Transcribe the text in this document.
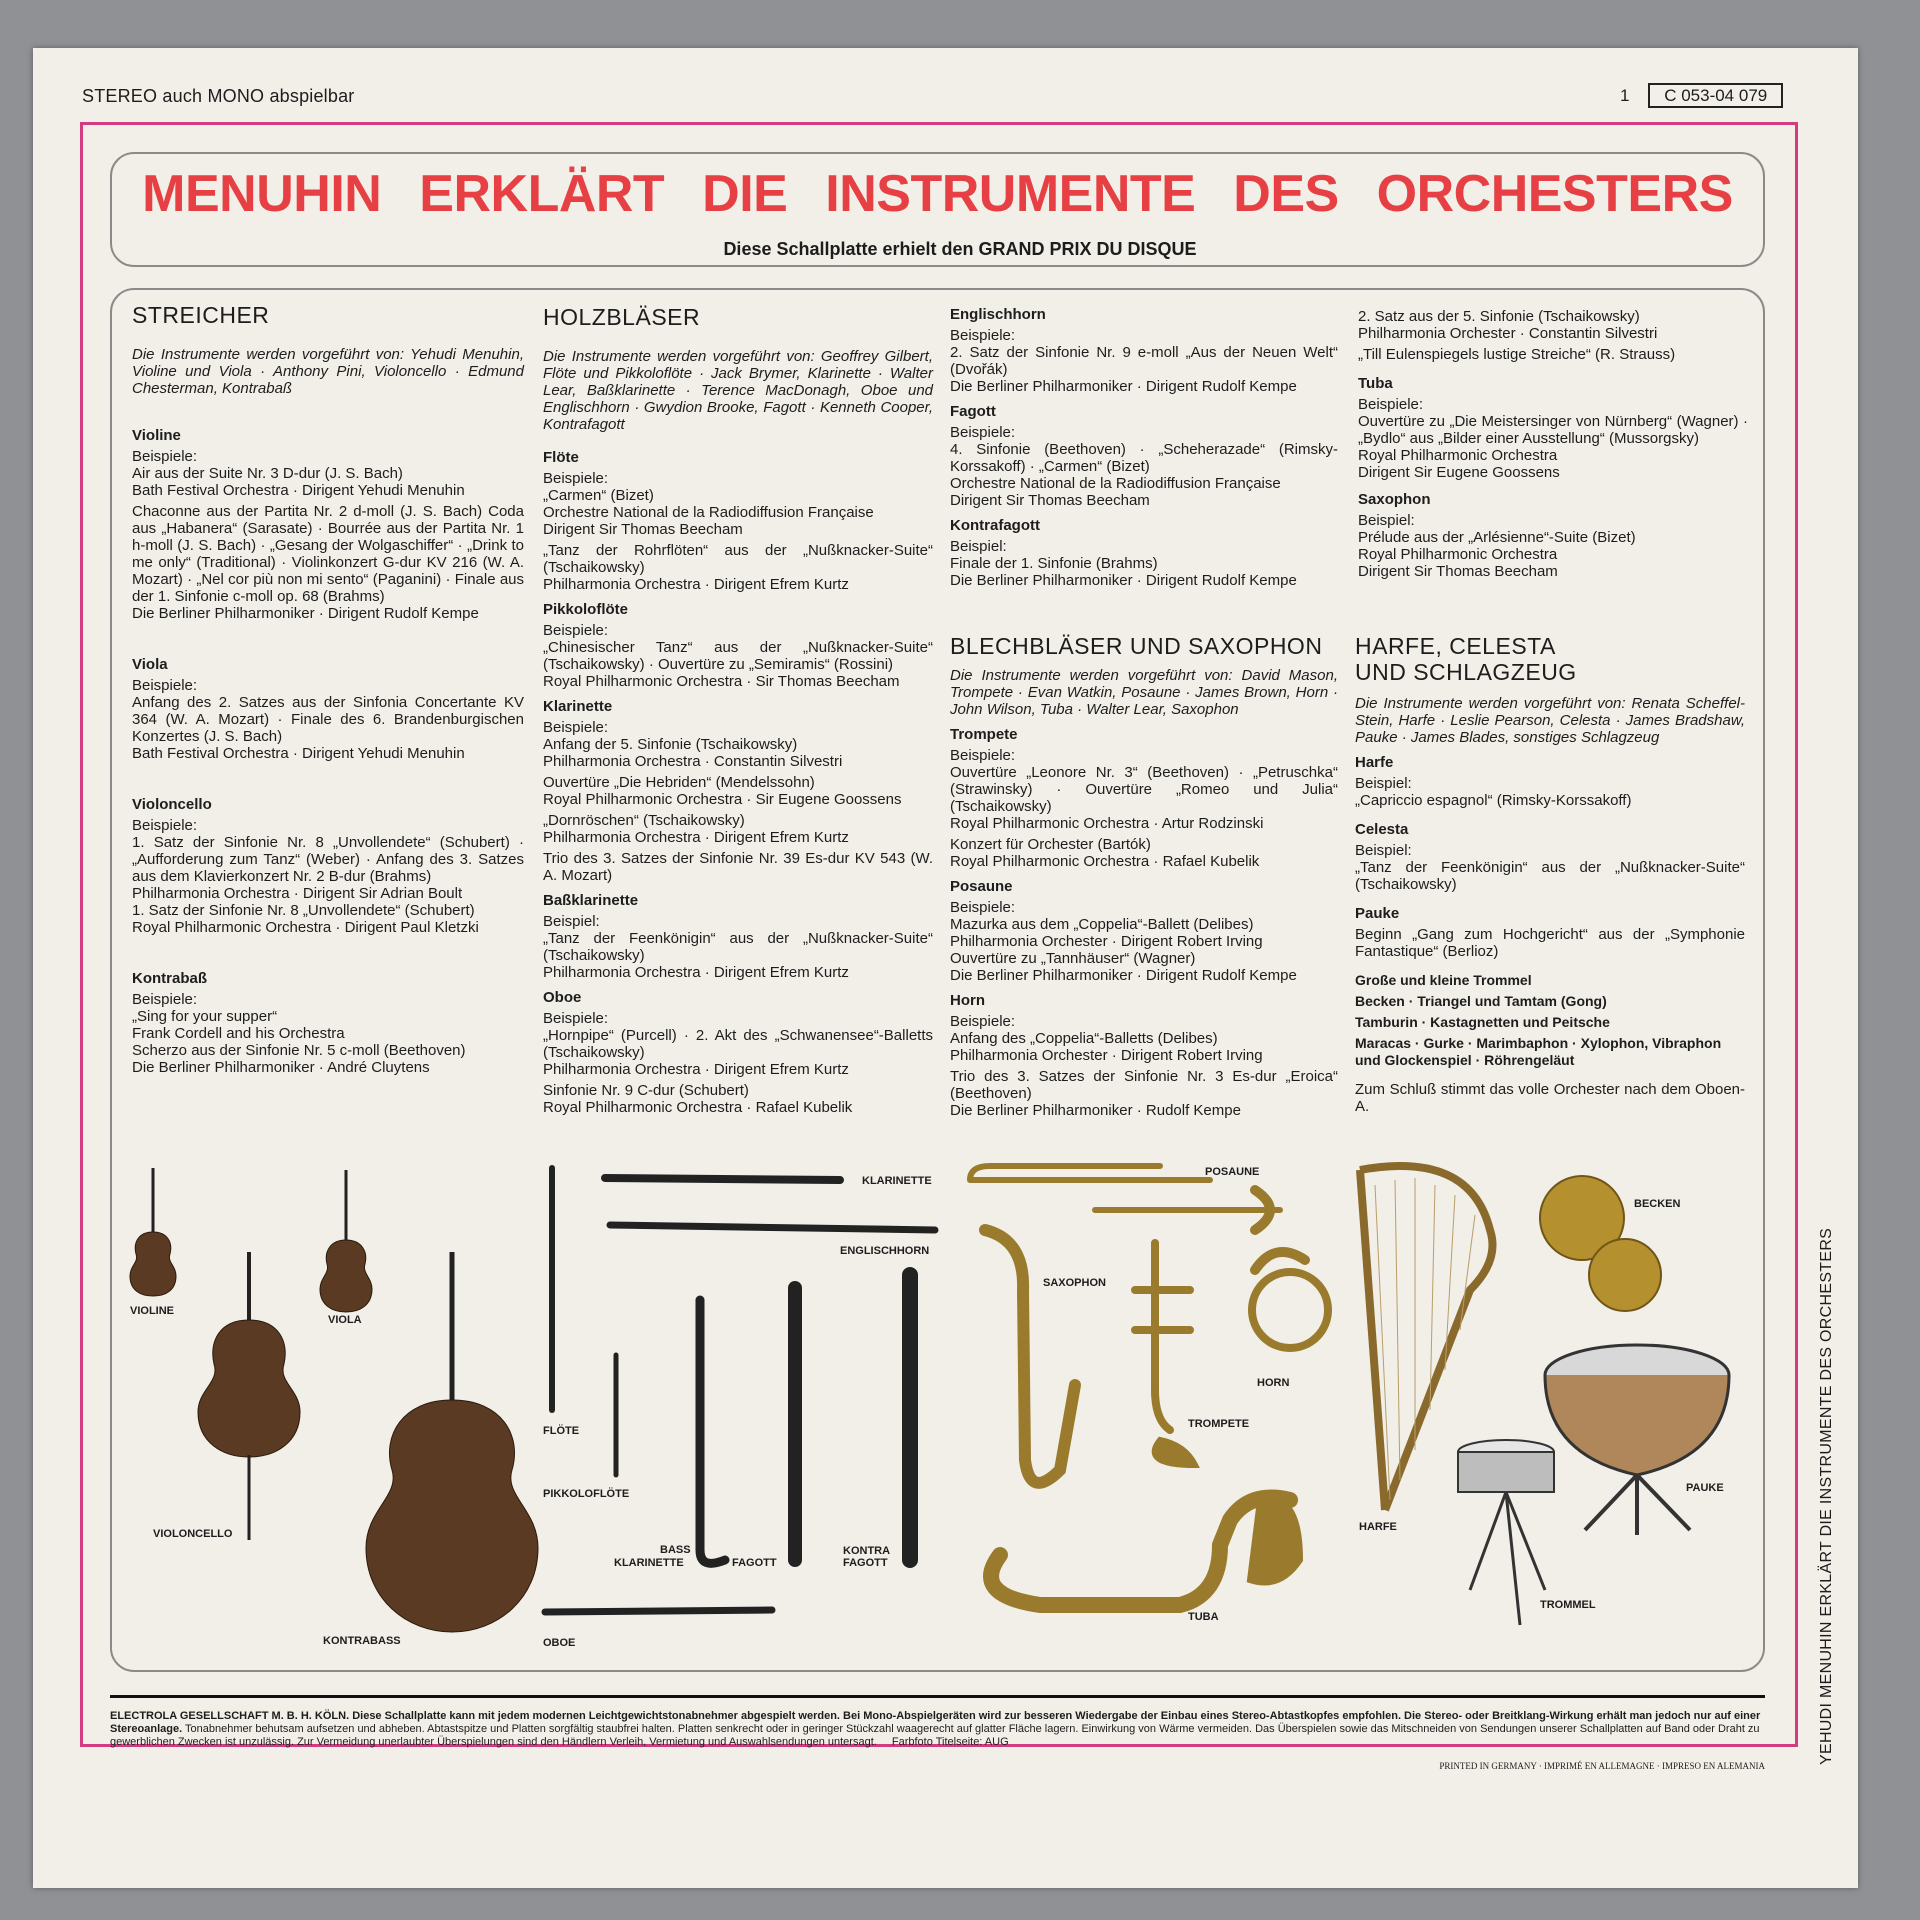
STEREO auch MONO abspielbar	1 C 053-04 079
MENUHIN ERKLÄRT DIE INSTRUMENTE DES ORCHESTERS
Diese Schallplatte erhielt den GRAND PRIX DU DISQUE
STREICHER
Die Instrumente werden vorgeführt von: Yehudi Menuhin, Violine und Viola · Anthony Pini, Violoncello · Edmund Chesterman, Kontrabaß
Violine

Beispiele:

Air aus der Suite Nr. 3 D-dur (J. S. Bach)

Bath Festival Orchestra · Dirigent Yehudi Menuhin

Chaconne aus der Partita Nr. 2 d-moll (J. S. Bach) Coda aus „Habanera“ (Sarasate) · Bourrée aus der Partita Nr. 1 h-moll (J. S. Bach) · „Gesang der Wolgaschiffer“ · „Drink to me only“ (Traditional) · Violinkonzert G-dur KV 216 (W. A. Mozart) · „Nel cor più non mi sento“ (Paganini) · Finale aus der 1. Sinfonie c-moll op. 68 (Brahms)

Die Berliner Philharmoniker · Dirigent Rudolf Kempe

Viola

Beispiele:

Anfang des 2. Satzes aus der Sinfonia Concertante KV 364 (W. A. Mozart) · Finale des 6. Brandenburgischen Konzertes (J. S. Bach)

Bath Festival Orchestra · Dirigent Yehudi Menuhin

Violoncello

Beispiele:

1. Satz der Sinfonie Nr. 8 „Unvollendete“ (Schubert) · „Aufforderung zum Tanz“ (Weber) · Anfang des 3. Satzes aus dem Klavierkonzert Nr. 2 B-dur (Brahms)

Philharmonia Orchestra · Dirigent Sir Adrian Boult

1. Satz der Sinfonie Nr. 8 „Unvollendete“ (Schubert)

Royal Philharmonic Orchestra · Dirigent Paul Kletzki

Kontrabaß

Beispiele:

„Sing for your supper“

Frank Cordell and his Orchestra

Scherzo aus der Sinfonie Nr. 5 c-moll (Beethoven)

Die Berliner Philharmoniker · André Cluytens

HOLZBLÄSER
Die Instrumente werden vorgeführt von: Geoffrey Gilbert, Flöte und Pikkoloflöte · Jack Brymer, Klarinette · Walter Lear, Baßklarinette · Terence MacDonagh, Oboe und Englischhorn · Gwydion Brooke, Fagott · Kenneth Cooper, Kontrafagott
Flöte

Beispiele:

„Carmen“ (Bizet)

Orchestre National de la Radiodiffusion Française

Dirigent Sir Thomas Beecham

„Tanz der Rohrflöten“ aus der „Nußknacker-Suite“ (Tschaikowsky)

Philharmonia Orchestra · Dirigent Efrem Kurtz

Pikkoloflöte

Beispiele:

„Chinesischer Tanz“ aus der „Nußknacker-Suite“ (Tschaikowsky) · Ouvertüre zu „Semiramis“ (Rossini)

Royal Philharmonic Orchestra · Sir Thomas Beecham

Klarinette

Beispiele:

Anfang der 5. Sinfonie (Tschaikowsky)

Philharmonia Orchestra · Constantin Silvestri

Ouvertüre „Die Hebriden“ (Mendelssohn)

Royal Philharmonic Orchestra · Sir Eugene Goossens

„Dornröschen“ (Tschaikowsky)

Philharmonia Orchestra · Dirigent Efrem Kurtz

Trio des 3. Satzes der Sinfonie Nr. 39 Es-dur KV 543 (W. A. Mozart)

Baßklarinette

Beispiel:

„Tanz der Feenkönigin“ aus der „Nußknacker-Suite“ (Tschaikowsky)

Philharmonia Orchestra · Dirigent Efrem Kurtz

Oboe

Beispiele:

„Hornpipe“ (Purcell) · 2. Akt des „Schwanensee“-Balletts (Tschaikowsky)

Philharmonia Orchestra · Dirigent Efrem Kurtz

Sinfonie Nr. 9 C-dur (Schubert)

Royal Philharmonic Orchestra · Rafael Kubelik

Englischhorn

Beispiele:

2. Satz der Sinfonie Nr. 9 e-moll „Aus der Neuen Welt“ (Dvořák)

Die Berliner Philharmoniker · Dirigent Rudolf Kempe

Fagott

Beispiele:

4. Sinfonie (Beethoven) · „Scheherazade“ (Rimsky-Korssakoff) · „Carmen“ (Bizet)

Orchestre National de la Radiodiffusion Française

Dirigent Sir Thomas Beecham

Kontrafagott

Beispiel:

Finale der 1. Sinfonie (Brahms)

Die Berliner Philharmoniker · Dirigent Rudolf Kempe

BLECHBLÄSER UND SAXOPHON
Die Instrumente werden vorgeführt von: David Mason, Trompete · Evan Watkin, Posaune · James Brown, Horn · John Wilson, Tuba · Walter Lear, Saxophon
Trompete

Beispiele:

Ouvertüre „Leonore Nr. 3“ (Beethoven) · „Petruschka“ (Strawinsky) · Ouvertüre „Romeo und Julia“ (Tschaikowsky)

Royal Philharmonic Orchestra · Artur Rodzinski

Konzert für Orchester (Bartók)

Royal Philharmonic Orchestra · Rafael Kubelik

Posaune

Beispiele:

Mazurka aus dem „Coppelia“-Ballett (Delibes)

Philharmonia Orchester · Dirigent Robert Irving

Ouvertüre zu „Tannhäuser“ (Wagner)

Die Berliner Philharmoniker · Dirigent Rudolf Kempe

Horn

Beispiele:

Anfang des „Coppelia“-Balletts (Delibes)

Philharmonia Orchester · Dirigent Robert Irving

Trio des 3. Satzes der Sinfonie Nr. 3 Es-dur „Eroica“ (Beethoven)

Die Berliner Philharmoniker · Rudolf Kempe

2. Satz aus der 5. Sinfonie (Tschaikowsky)

Philharmonia Orchester · Constantin Silvestri

„Till Eulenspiegels lustige Streiche“ (R. Strauss)

Tuba

Beispiele:

Ouvertüre zu „Die Meistersinger von Nürnberg“ (Wagner) · „Bydlo“ aus „Bilder einer Ausstellung“ (Mussorgsky)

Royal Philharmonic Orchestra

Dirigent Sir Eugene Goossens

Saxophon

Beispiel:

Prélude aus der „Arlésienne“-Suite (Bizet)

Royal Philharmonic Orchestra

Dirigent Sir Thomas Beecham

HARFE, CELESTA UND SCHLAGZEUG
Die Instrumente werden vorgeführt von: Renata Scheffel-Stein, Harfe · Leslie Pearson, Celesta · James Bradshaw, Pauke · James Blades, sonstiges Schlagzeug
Harfe

Beispiel:

„Capriccio espagnol“ (Rimsky-Korssakoff)

Celesta

Beispiel:

„Tanz der Feenkönigin“ aus der „Nußknacker-Suite“ (Tschaikowsky)

Pauke

Beginn „Gang zum Hochgericht“ aus der „Symphonie Fantastique“ (Berlioz)

Große und kleine Trommel

Becken · Triangel und Tamtam (Gong)

Tamburin · Kastagnetten und Peitsche

Maracas · Gurke · Marimbaphon · Xylophon, Vibraphon und Glockenspiel · Röhrengeläut

Zum Schluß stimmt das volle Orchester nach dem Oboen-A.

VIOLINE
VIOLA
VIOLONCELLO
KONTRABASS
FLÖTE
PIKKOLOFLÖTE
KLARINETTE
ENGLISCHHORN
BASS
KLARINETTE	FAGOTT
KONTRA
FAGOTT
OBOE
POSAUNE
SAXOPHON
HORN
TROMPETE
TUBA
BECKEN
HARFE
PAUKE
TROMMEL
ELECTROLA GESELLSCHAFT M. B. H. KÖLN. Diese Schallplatte kann mit jedem modernen Leichtgewichtstonabnehmer abgespielt werden. Bei Mono-Abspielgeräten wird zur besseren Wiedergabe der Einbau eines Stereo-Abtastkopfes empfohlen. Die Stereo- oder Breitklang-Wirkung erhält man jedoch nur auf einer Stereoanlage. Tonabnehmer behutsam aufsetzen und abheben. Abtastspitze und Platten sorgfältig staubfrei halten. Platten senkrecht oder in geringer Stückzahl waagerecht auf glatter Fläche lagern. Einwirkung von Wärme vermeiden. Das Überspielen sowie das Mitschneiden von Sendungen unserer Schallplatten auf Band oder Draht zu gewerblichen Zwecken ist unzulässig. Zur Vermeidung unerlaubter Überspielungen sind den Händlern Verleih, Vermietung und Auswahlsendungen untersagt. Farbfoto Titelseite: AUG
PRINTED IN GERMANY · IMPRIMÉ EN ALLEMAGNE · IMPRESO EN ALEMANIA
YEHUDI MENUHIN ERKLÄRT DIE INSTRUMENTE DES ORCHESTERS
